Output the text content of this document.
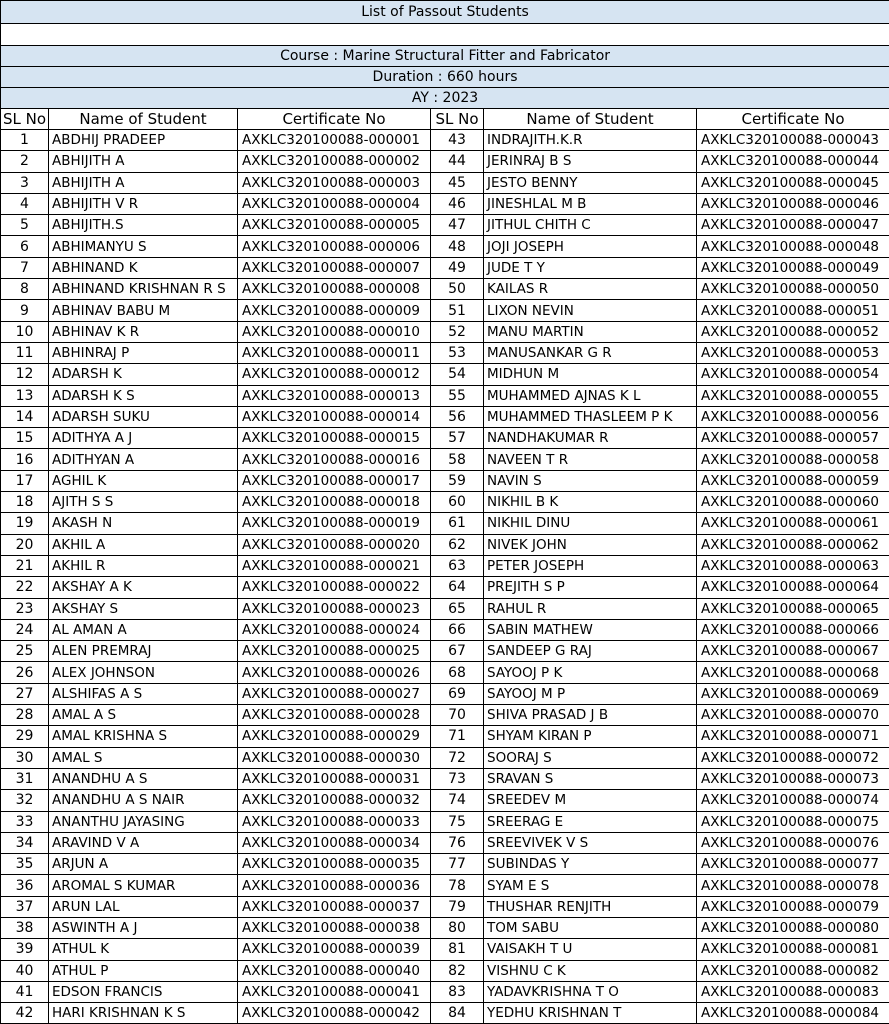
List of Passout Students					

Course : Marine Structural Fitter and Fabricator					
Duration : 660 hours					
AY : 2023					
SL No	Name of Student	Certificate No	SL No	Name of Student	Certificate No
1	ABDHIJ PRADEEP	AXKLC320100088-000001	43	INDRAJITH.K.R	AXKLC320100088-000043
2	ABHIJITH A	AXKLC320100088-000002	44	JERINRAJ B S	AXKLC320100088-000044
3	ABHIJITH A	AXKLC320100088-000003	45	JESTO BENNY	AXKLC320100088-000045
4	ABHIJITH V R	AXKLC320100088-000004	46	JINESHLAL M B	AXKLC320100088-000046
5	ABHIJITH.S	AXKLC320100088-000005	47	JITHUL CHITH C	AXKLC320100088-000047
6	ABHIMANYU S	AXKLC320100088-000006	48	JOJI JOSEPH	AXKLC320100088-000048
7	ABHINAND K	AXKLC320100088-000007	49	JUDE T Y	AXKLC320100088-000049
8	ABHINAND KRISHNAN R S	AXKLC320100088-000008	50	KAILAS R	AXKLC320100088-000050
9	ABHINAV BABU M	AXKLC320100088-000009	51	LIXON NEVIN	AXKLC320100088-000051
10	ABHINAV K R	AXKLC320100088-000010	52	MANU MARTIN	AXKLC320100088-000052
11	ABHINRAJ P	AXKLC320100088-000011	53	MANUSANKAR G R	AXKLC320100088-000053
12	ADARSH K	AXKLC320100088-000012	54	MIDHUN M	AXKLC320100088-000054
13	ADARSH K S	AXKLC320100088-000013	55	MUHAMMED AJNAS K L	AXKLC320100088-000055
14	ADARSH SUKU	AXKLC320100088-000014	56	MUHAMMED THASLEEM P K	AXKLC320100088-000056
15	ADITHYA A J	AXKLC320100088-000015	57	NANDHAKUMAR R	AXKLC320100088-000057
16	ADITHYAN A	AXKLC320100088-000016	58	NAVEEN T R	AXKLC320100088-000058
17	AGHIL K	AXKLC320100088-000017	59	NAVIN S	AXKLC320100088-000059
18	AJITH S S	AXKLC320100088-000018	60	NIKHIL B K	AXKLC320100088-000060
19	AKASH N	AXKLC320100088-000019	61	NIKHIL DINU	AXKLC320100088-000061
20	AKHIL A	AXKLC320100088-000020	62	NIVEK JOHN	AXKLC320100088-000062
21	AKHIL R	AXKLC320100088-000021	63	PETER JOSEPH	AXKLC320100088-000063
22	AKSHAY A K	AXKLC320100088-000022	64	PREJITH S P	AXKLC320100088-000064
23	AKSHAY S	AXKLC320100088-000023	65	RAHUL R	AXKLC320100088-000065
24	AL AMAN A	AXKLC320100088-000024	66	SABIN MATHEW	AXKLC320100088-000066
25	ALEN PREMRAJ	AXKLC320100088-000025	67	SANDEEP G RAJ	AXKLC320100088-000067
26	ALEX JOHNSON	AXKLC320100088-000026	68	SAYOOJ P K	AXKLC320100088-000068
27	ALSHIFAS A S	AXKLC320100088-000027	69	SAYOOJ M P	AXKLC320100088-000069
28	AMAL A S	AXKLC320100088-000028	70	SHIVA PRASAD J B	AXKLC320100088-000070
29	AMAL KRISHNA S	AXKLC320100088-000029	71	SHYAM KIRAN P	AXKLC320100088-000071
30	AMAL S	AXKLC320100088-000030	72	SOORAJ S	AXKLC320100088-000072
31	ANANDHU A S	AXKLC320100088-000031	73	SRAVAN S	AXKLC320100088-000073
32	ANANDHU A S NAIR	AXKLC320100088-000032	74	SREEDEV M	AXKLC320100088-000074
33	ANANTHU JAYASING	AXKLC320100088-000033	75	SREERAG E	AXKLC320100088-000075
34	ARAVIND V A	AXKLC320100088-000034	76	SREEVIVEK V S	AXKLC320100088-000076
35	ARJUN A	AXKLC320100088-000035	77	SUBINDAS Y	AXKLC320100088-000077
36	AROMAL S KUMAR	AXKLC320100088-000036	78	SYAM E S	AXKLC320100088-000078
37	ARUN LAL	AXKLC320100088-000037	79	THUSHAR RENJITH	AXKLC320100088-000079
38	ASWINTH A J	AXKLC320100088-000038	80	TOM SABU	AXKLC320100088-000080
39	ATHUL K	AXKLC320100088-000039	81	VAISAKH T U	AXKLC320100088-000081
40	ATHUL P	AXKLC320100088-000040	82	VISHNU C K	AXKLC320100088-000082
41	EDSON FRANCIS	AXKLC320100088-000041	83	YADAVKRISHNA T O	AXKLC320100088-000083
42	HARI KRISHNAN K S	AXKLC320100088-000042	84	YEDHU KRISHNAN T	AXKLC320100088-000084
